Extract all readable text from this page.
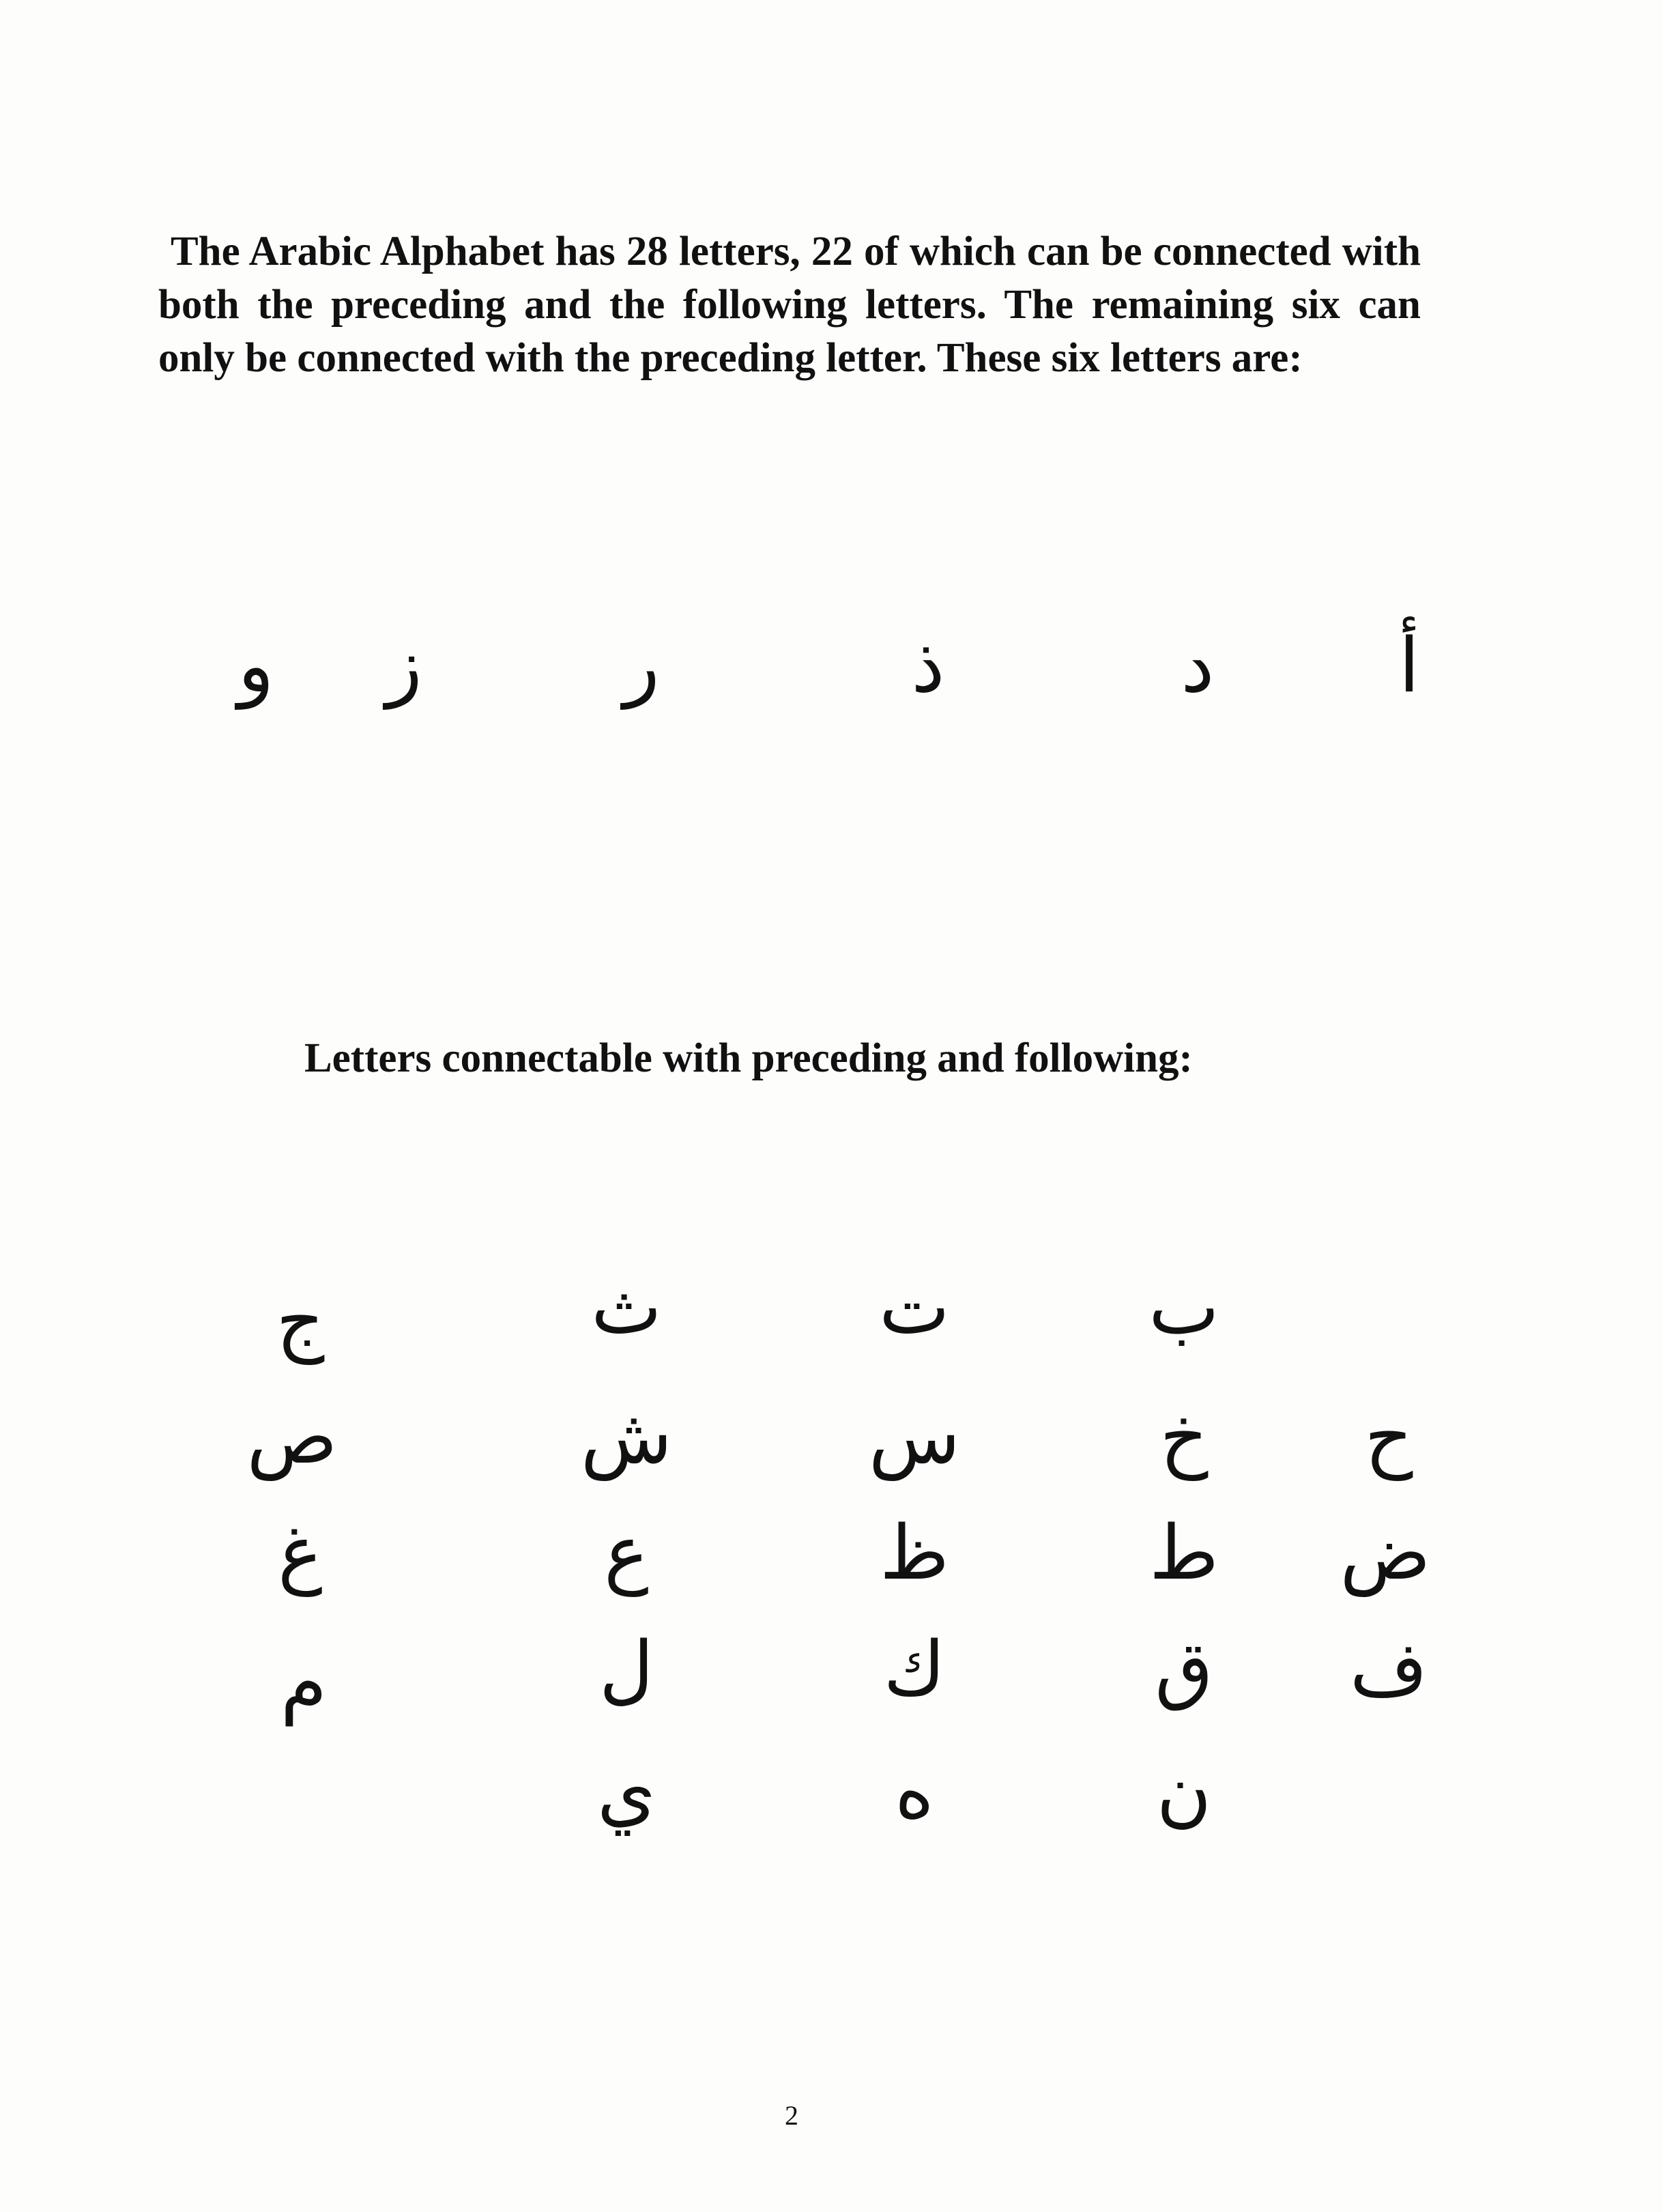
The Arabic Alphabet has 28 letters, 22 of which can be connected with both the preceding and the following letters. The remaining six can only be connected with the preceding letter. These six letters are:

أ
د
ذ
ر
ز
و
Letters connectable with preceding and following:
ب
ت
ث
ج
ح
خ
س
ش
ص
ض
ط
ظ
ع
غ
ف
ق
ك
ل
م
ن
ه
ي
2
